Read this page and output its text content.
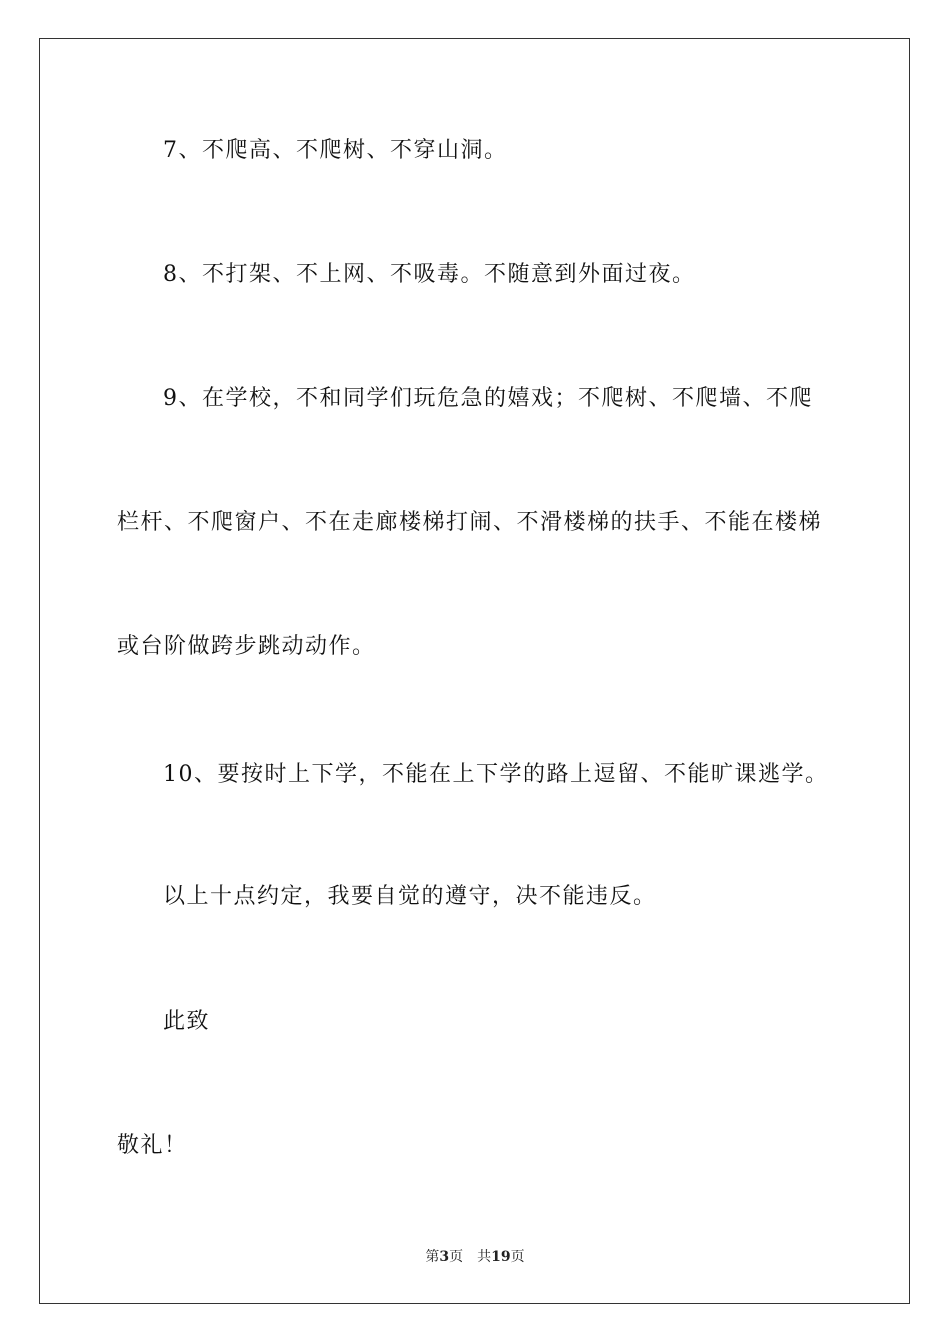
7、不爬高、不爬树、不穿山洞。
8、不打架、不上网、不吸毒。不随意到外面过夜。
9、在学校，不和同学们玩危急的嬉戏；不爬树、不爬墙、不爬
栏杆、不爬窗户、不在走廊楼梯打闹、不滑楼梯的扶手、不能在楼梯
或台阶做跨步跳动动作。
10、要按时上下学，不能在上下学的路上逗留、不能旷课逃学。
以上十点约定，我要自觉的遵守，决不能违反。
此致
敬礼！
第3页 共19页
